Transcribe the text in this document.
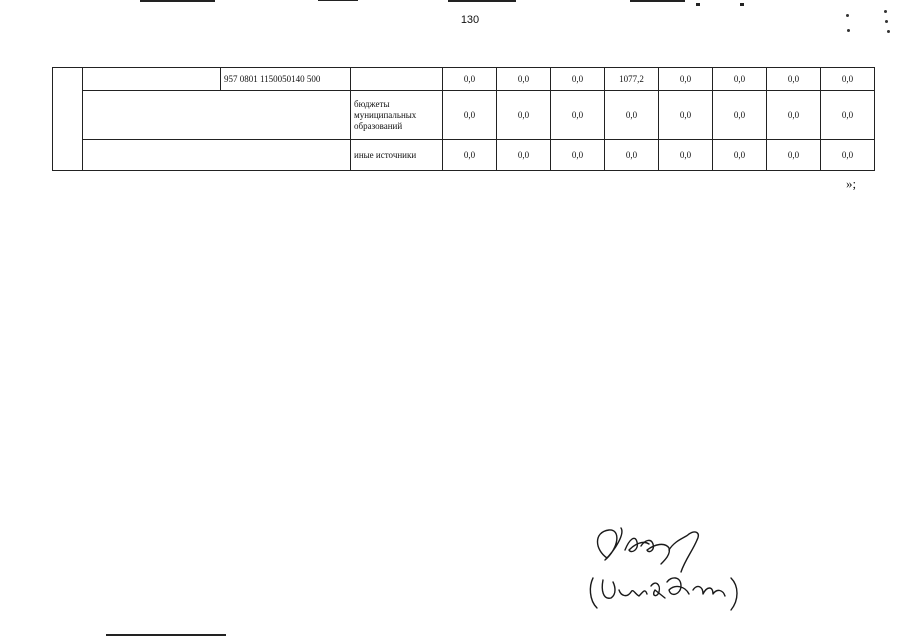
130
		957 0801 1150050140 500		0,0	0,0	0,0	1077,2	0,0	0,0	0,0	0,0
			бюджеты муниципальных образований	0,0	0,0	0,0	0,0	0,0	0,0	0,0	0,0
			иные источники	0,0	0,0	0,0	0,0	0,0	0,0	0,0	0,0
»;
(Кушнахов М.Л.)
